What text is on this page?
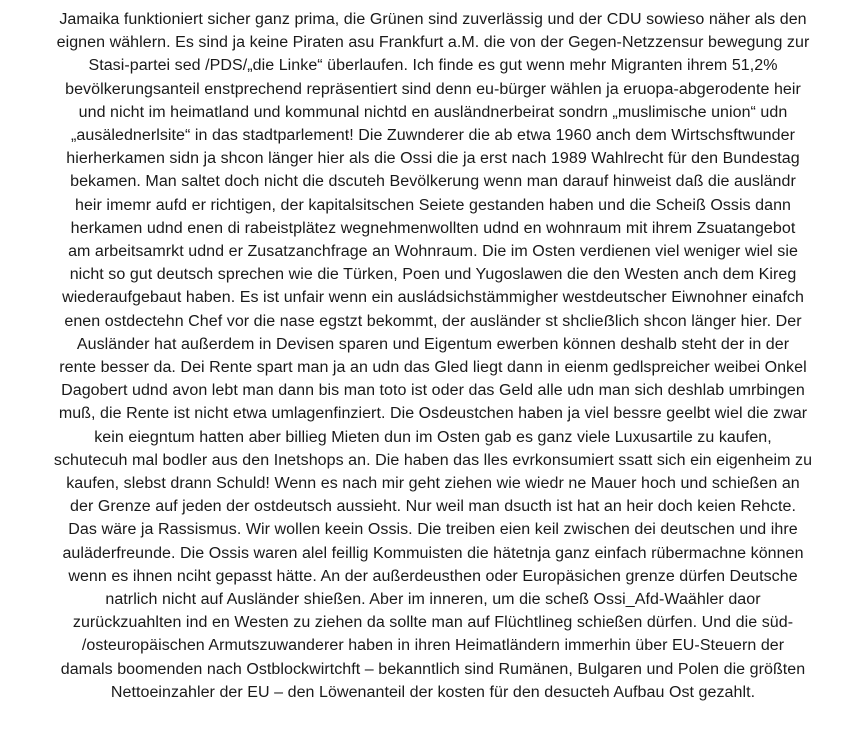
Jamaika funktioniert sicher ganz prima, die Grünen sind zuverlässig und der CDU sowieso näher als den
eignen wählern. Es sind ja keine Piraten asu Frankfurt a.M. die von der Gegen-Netzzensur bewegung zur
Stasi-partei sed /PDS/„die Linke“ überlaufen. Ich finde es gut wenn mehr Migranten ihrem 51,2%
bevölkerungsanteil enstprechend repräsentiert sind denn eu-bürger wählen ja eruopa-abgerodente heir
und nicht im heimatland und kommunal nichtd en ausländnerbeirat sondrn „muslimische union“ udn
„ausälednerlsite“ in das stadtparlement! Die Zuwnderer die ab etwa 1960 anch dem Wirtschsftwunder
hierherkamen sidn ja shcon länger hier als die Ossi die ja erst nach 1989 Wahlrecht für den Bundestag
bekamen. Man saltet doch nicht die dscuteh Bevölkerung wenn man darauf hinweist daß die ausländr
heir imemr aufd er richtigen, der kapitalsitschen Seiete gestanden haben und die Scheiß Ossis dann
herkamen udnd enen di rabeistplätez wegnehmenwollten udnd en wohnraum mit ihrem Zsuatangebot
am arbeitsamrkt udnd er Zusatzanchfrage an Wohnraum. Die im Osten verdienen viel weniger wiel sie
nicht so gut deutsch sprechen wie die Türken, Poen und Yugoslawen die den Westen anch dem Kireg
wiederaufgebaut haben. Es ist unfair wenn ein ausládsichstämmigher westdeutscher Eiwnohner einafch
enen ostdectehn Chef vor die nase egstzt bekommt, der ausländer st shclieẞlich shcon länger hier. Der
Ausländer hat außerdem in Devisen sparen und Eigentum ewerben können deshalb steht der in der
rente besser da. Dei Rente spart man ja an udn das Gled liegt dann in eienm gedlspreicher weibei Onkel
Dagobert udnd avon lebt man dann bis man toto ist oder das Geld alle udn man sich deshlab umrbingen
muß, die Rente ist nicht etwa umlagenfinziert. Die Osdeustchen haben ja viel bessre geelbt wiel die zwar
kein eiegntum hatten aber billieg Mieten dun im Osten gab es ganz viele Luxusartile zu kaufen,
schutecuh mal bodler aus den Inetshops an. Die haben das lles evrkonsumiert ssatt sich ein eigenheim zu
kaufen, slebst drann Schuld! Wenn es nach mir geht ziehen wie wiedr ne Mauer hoch und schießen an
der Grenze auf jeden der ostdeutsch aussieht. Nur weil man dsucth ist hat an heir doch keien Rehcte.
Das wäre ja Rassismus. Wir wollen keein Ossis. Die treiben eien keil zwischen dei deutschen und ihre
auläderfreunde. Die Ossis waren alel feillig Kommuisten die hätetnja ganz einfach rübermachne können
wenn es ihnen nciht gepasst hätte. An der außerdeusthen oder Europäsichen grenze dürfen Deutsche
natrlich nicht auf Ausländer shießen. Aber im inneren, um die scheß Ossi_Afd-Waähler daor
zurückzuahlten ind en Westen zu ziehen da sollte man auf Flüchtlineg schießen dürfen. Und die süd-
/osteuropäischen Armutszuwanderer haben in ihren Heimatländern immerhin über EU-Steuern der
damals boomenden nach Ostblockwirtchft – bekanntlich sind Rumänen, Bulgaren und Polen die größten
Nettoeinzahler der EU – den Löwenanteil der kosten für den desucteh Aufbau Ost gezahlt.
